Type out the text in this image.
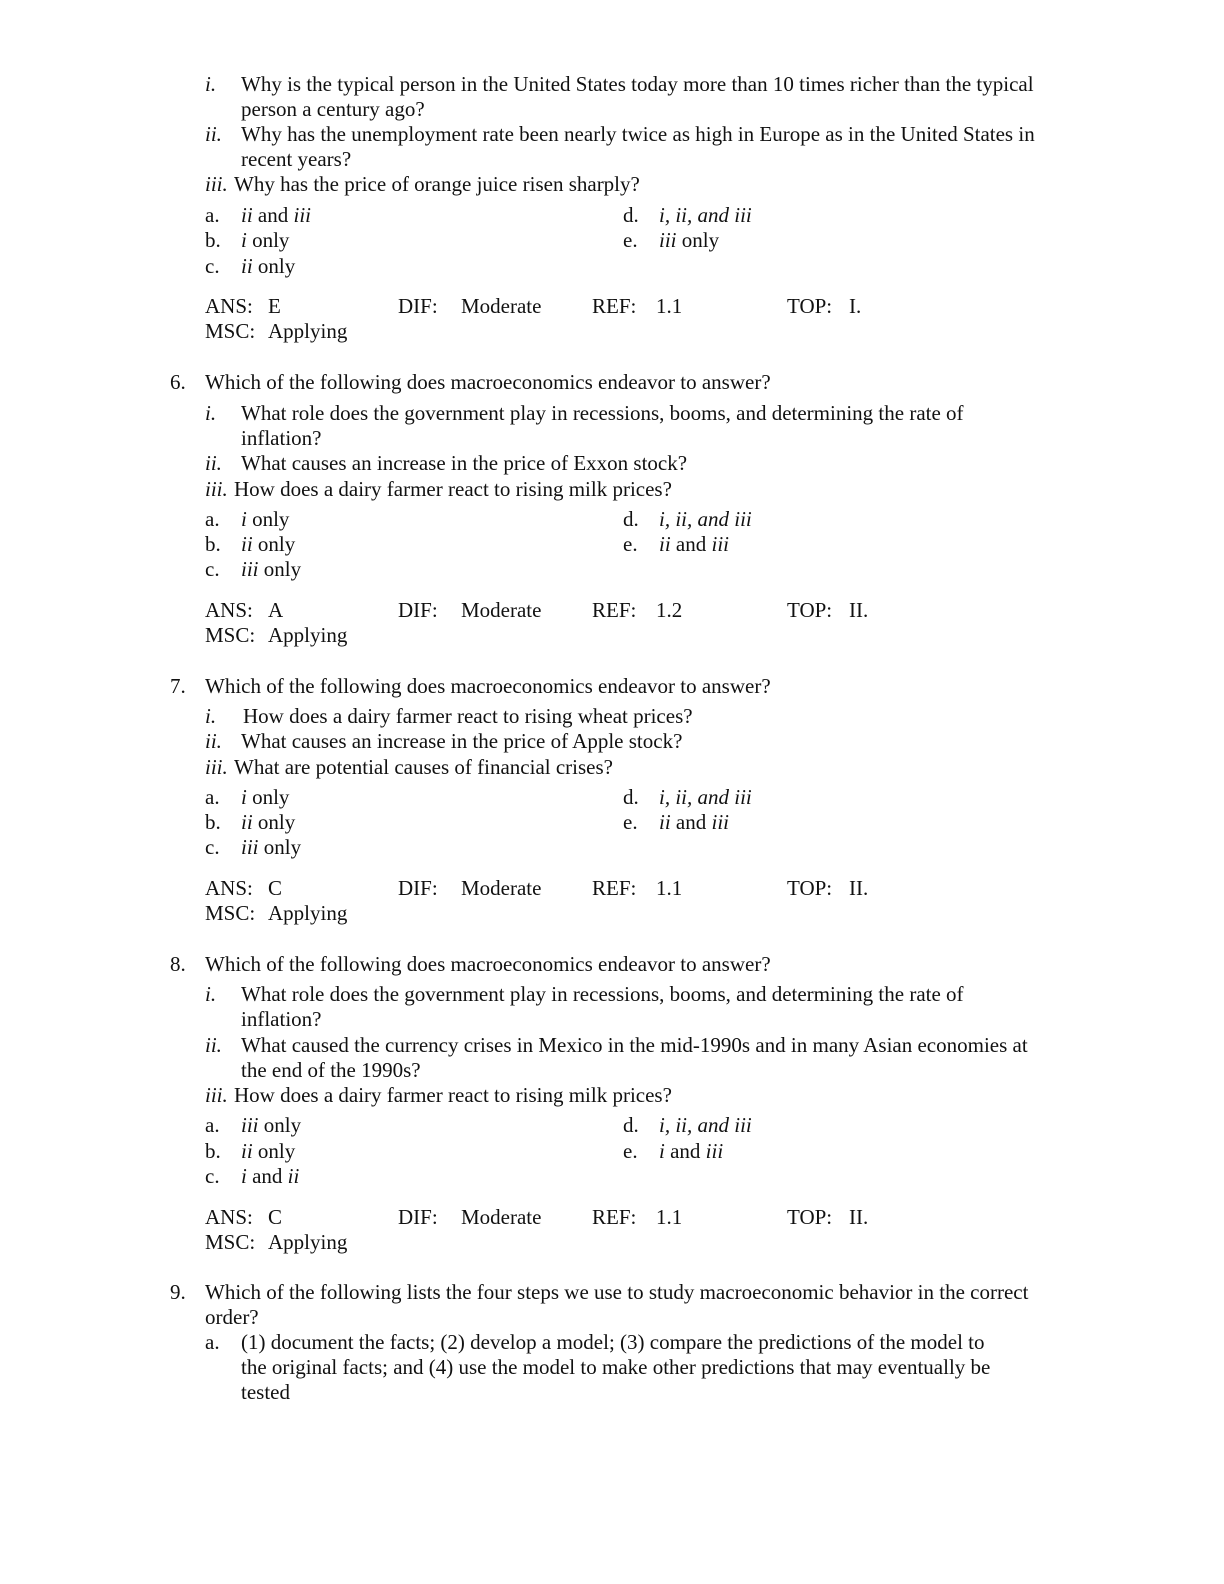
i. Why is the typical person in the United States today more than 10 times richer than the typical
person a century ago?
ii. Why has the unemployment rate been nearly twice as high in Europe as in the United States in
recent years?
iii. Why has the price of orange juice risen sharply?
a. ii and iii	d. i, ii, and iii
b. i only	e. iii only
c. ii only
ANS: E	DIF: Moderate REF: 1.1	TOP: I.
MSC: Applying
6. Which of the following does macroeconomics endeavor to answer?
i. What role does the government play in recessions, booms, and determining the rate of
inflation?
ii. What causes an increase in the price of Exxon stock?
iii. How does a dairy farmer react to rising milk prices?
a. i only	d. i, ii, and iii
b. ii only	e. ii and iii
c. iii only
ANS: A	DIF: Moderate REF: 1.2	TOP: II.
MSC: Applying
7. Which of the following does macroeconomics endeavor to answer?
i. How does a dairy farmer react to rising wheat prices?
ii. What causes an increase in the price of Apple stock?
iii. What are potential causes of financial crises?
a. i only	d. i, ii, and iii
b. ii only	e. ii and iii
c. iii only
ANS: C	DIF: Moderate REF: 1.1	TOP: II.
MSC: Applying
8. Which of the following does macroeconomics endeavor to answer?
i. What role does the government play in recessions, booms, and determining the rate of
inflation?
ii. What caused the currency crises in Mexico in the mid-1990s and in many Asian economies at
the end of the 1990s?
iii. How does a dairy farmer react to rising milk prices?
a. iii only	d. i, ii, and iii
b. ii only	e. i and iii
c. i and ii
ANS: C	DIF: Moderate REF: 1.1	TOP: II.
MSC: Applying
9. Which of the following lists the four steps we use to study macroeconomic behavior in the correct
order?
a. (1) document the facts; (2) develop a model; (3) compare the predictions of the model to
the original facts; and (4) use the model to make other predictions that may eventually be
tested
